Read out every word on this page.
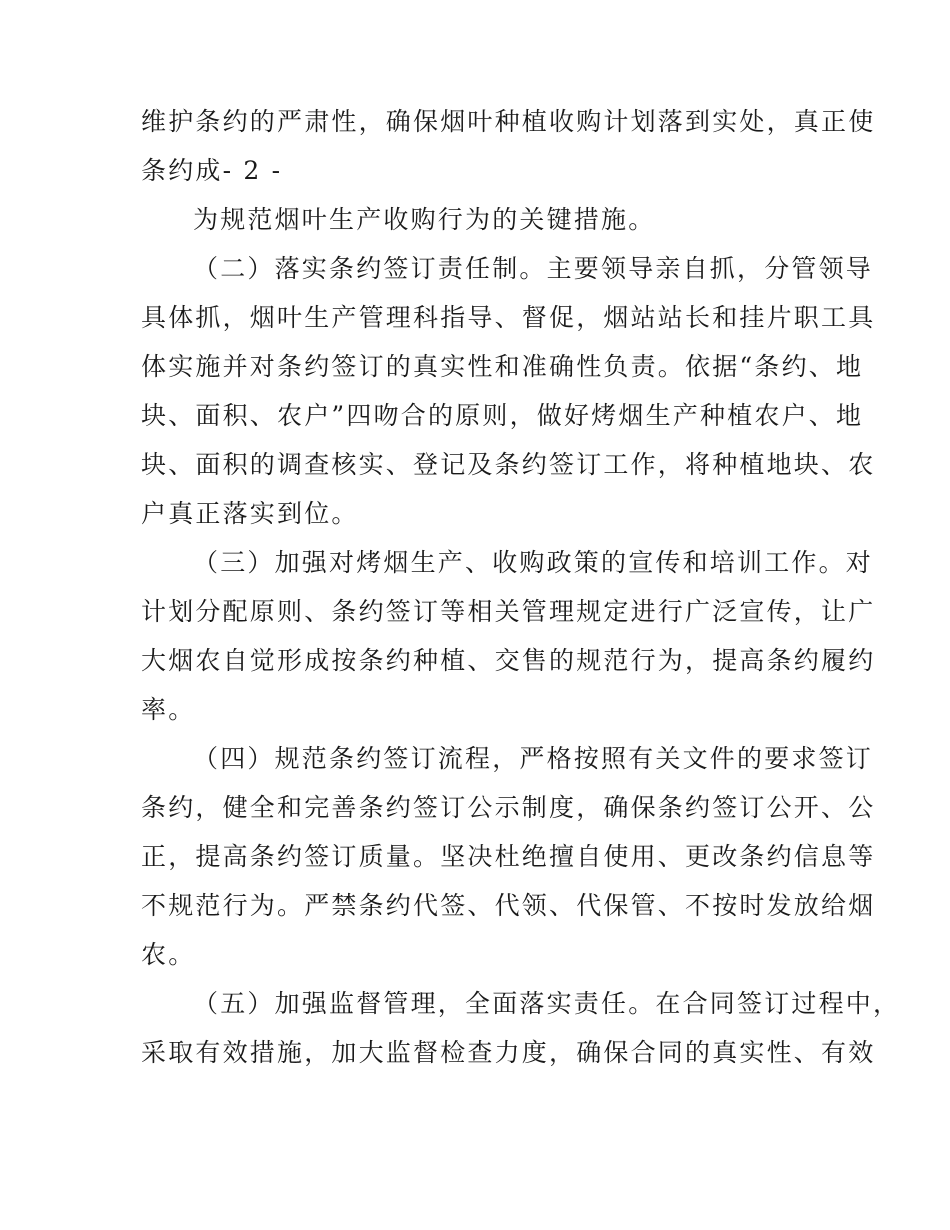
维护条约的严肃性，确保烟叶种植收购计划落到实处，真正使
条约成- 2 -
为规范烟叶生产收购行为的关键措施。
（二）落实条约签订责任制。主要领导亲自抓，分管领导
具体抓，烟叶生产管理科指导、督促，烟站站长和挂片职工具
体实施并对条约签订的真实性和准确性负责。依据“条约、地
块、面积、农户”四吻合的原则，做好烤烟生产种植农户、地
块、面积的调查核实、登记及条约签订工作，将种植地块、农
户真正落实到位。
（三）加强对烤烟生产、收购政策的宣传和培训工作。对
计划分配原则、条约签订等相关管理规定进行广泛宣传，让广
大烟农自觉形成按条约种植、交售的规范行为，提高条约履约
率。
（四）规范条约签订流程，严格按照有关文件的要求签订
条约，健全和完善条约签订公示制度，确保条约签订公开、公
正，提高条约签订质量。坚决杜绝擅自使用、更改条约信息等
不规范行为。严禁条约代签、代领、代保管、不按时发放给烟
农。
（五）加强监督管理，全面落实责任。在合同签订过程中，
采取有效措施，加大监督检查力度，确保合同的真实性、有效
